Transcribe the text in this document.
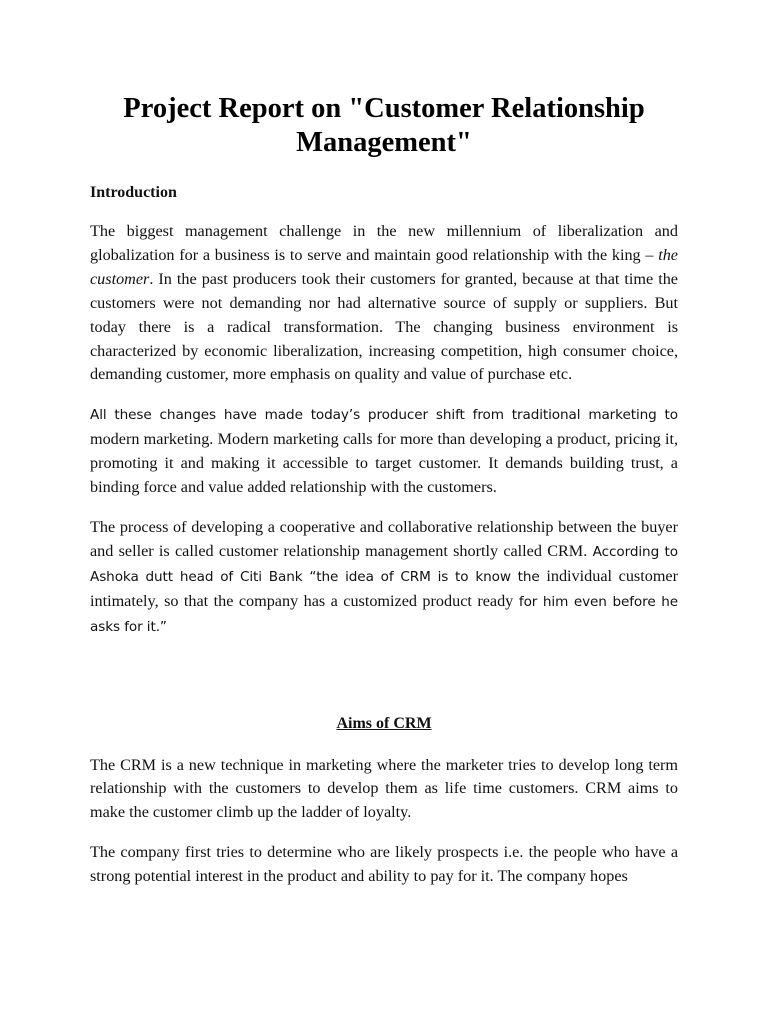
Project Report on "Customer Relationship Management"
Introduction

The biggest management challenge in the new millennium of liberalization and globalization for a business is to serve and maintain good relationship with the king – the customer. In the past producers took their customers for granted, because at that time the customers were not demanding nor had alternative source of supply or suppliers. But today there is a radical transformation. The changing business environment is characterized by economic liberalization, increasing competition, high consumer choice, demanding customer, more emphasis on quality and value of purchase etc.

All these changes have made today’s producer shift from traditional marketing to modern marketing. Modern marketing calls for more than developing a product, pricing it, promoting it and making it accessible to target customer. It demands building trust, a binding force and value added relationship with the customers.

The process of developing a cooperative and collaborative relationship between the buyer and seller is called customer relationship management shortly called CRM. According to Ashoka dutt head of Citi Bank “the idea of CRM is to know the individual customer intimately, so that the company has a customized product ready for him even before he asks for it.”

Aims of CRM

The CRM is a new technique in marketing where the marketer tries to develop long term relationship with the customers to develop them as life time customers. CRM aims to make the customer climb up the ladder of loyalty.

The company first tries to determine who are likely prospects i.e. the people who have a strong potential interest in the product and ability to pay for it. The company hopes
